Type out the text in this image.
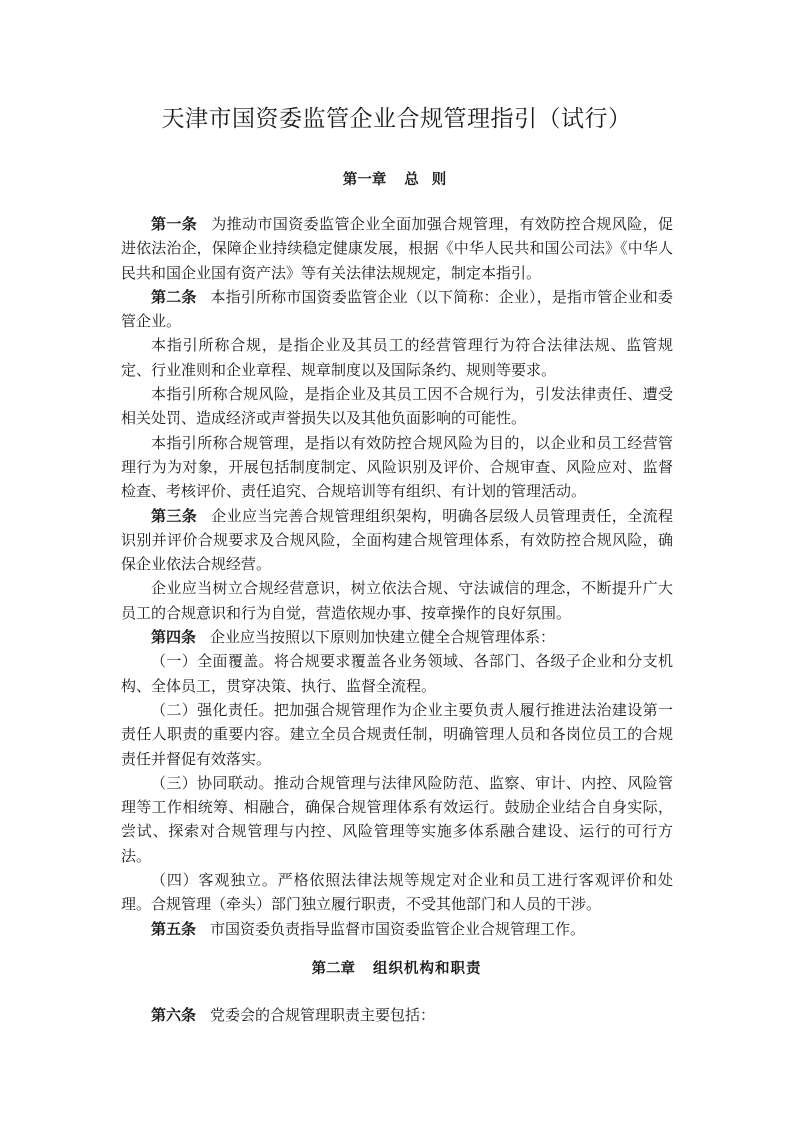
天津市国资委监管企业合规管理指引（试行）
第一章 总 则

第一条 为推动市国资委监管企业全面加强合规管理，有效防控合规风险，促进依法治企，保障企业持续稳定健康发展，根据《中华人民共和国公司法》《中华人民共和国企业国有资产法》等有关法律法规规定，制定本指引。

第二条 本指引所称市国资委监管企业（以下简称：企业），是指市管企业和委管企业。

本指引所称合规，是指企业及其员工的经营管理行为符合法律法规、监管规定、行业准则和企业章程、规章制度以及国际条约、规则等要求。

本指引所称合规风险，是指企业及其员工因不合规行为，引发法律责任、遭受相关处罚、造成经济或声誉损失以及其他负面影响的可能性。

本指引所称合规管理，是指以有效防控合规风险为目的，以企业和员工经营管理行为为对象，开展包括制度制定、风险识别及评价、合规审查、风险应对、监督检查、考核评价、责任追究、合规培训等有组织、有计划的管理活动。

第三条 企业应当完善合规管理组织架构，明确各层级人员管理责任，全流程识别并评价合规要求及合规风险，全面构建合规管理体系，有效防控合规风险，确保企业依法合规经营。

企业应当树立合规经营意识，树立依法合规、守法诚信的理念，不断提升广大员工的合规意识和行为自觉，营造依规办事、按章操作的良好氛围。

第四条 企业应当按照以下原则加快建立健全合规管理体系：

（一）全面覆盖。将合规要求覆盖各业务领域、各部门、各级子企业和分支机构、全体员工，贯穿决策、执行、监督全流程。

（二）强化责任。把加强合规管理作为企业主要负责人履行推进法治建设第一责任人职责的重要内容。建立全员合规责任制，明确管理人员和各岗位员工的合规责任并督促有效落实。

（三）协同联动。推动合规管理与法律风险防范、监察、审计、内控、风险管理等工作相统筹、相融合，确保合规管理体系有效运行。鼓励企业结合自身实际，尝试、探索对合规管理与内控、风险管理等实施多体系融合建设、运行的可行方法。

（四）客观独立。严格依照法律法规等规定对企业和员工进行客观评价和处理。合规管理（牵头）部门独立履行职责，不受其他部门和人员的干涉。

第五条 市国资委负责指导监督市国资委监管企业合规管理工作。

第二章 组织机构和职责

第六条 党委会的合规管理职责主要包括：
